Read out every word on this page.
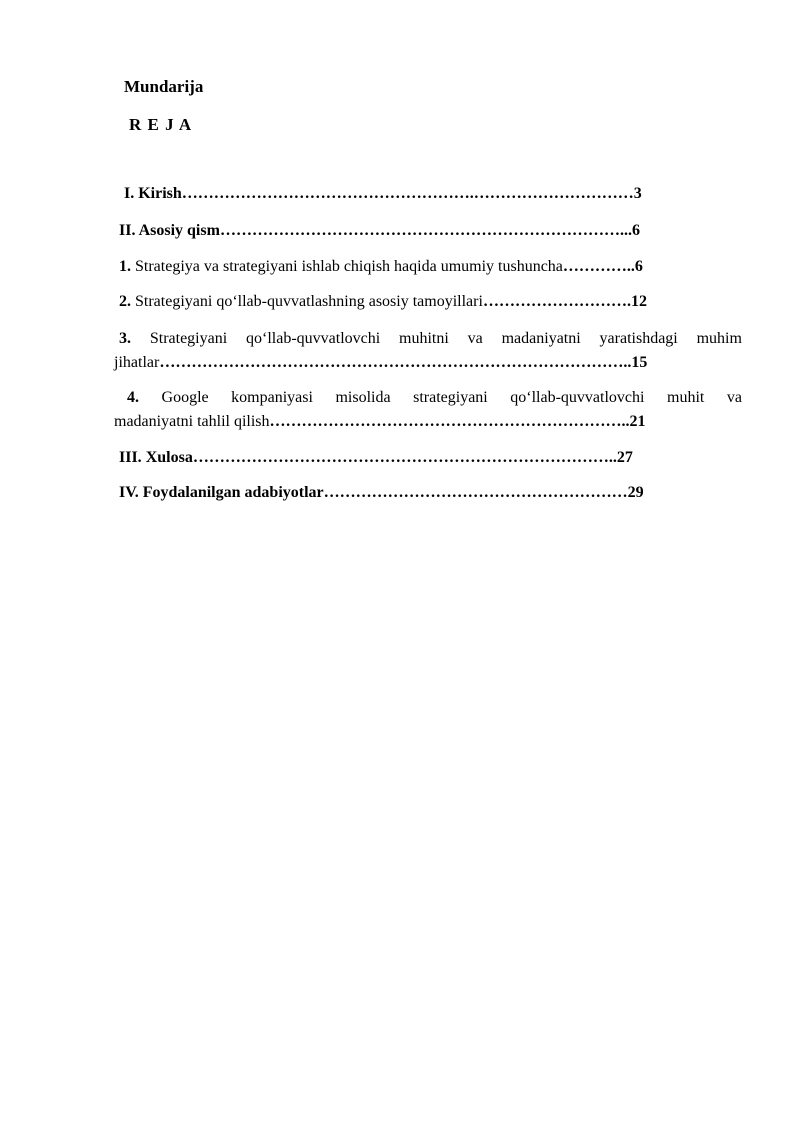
Mundarija
R E J A
I. Kirish……………………………………………….…………………………3
II. Asosiy qism…………………………………………………………………...6
1. Strategiya va strategiyani ishlab chiqish haqida umumiy tushuncha…………..6
2. Strategiyani qo‘llab-quvvatlashning asosiy tamoyillari……………………….12
3. Strategiyani qo‘llab-quvvatlovchi muhitni va madaniyatni yaratishdagi muhim
jihatlar……………………………………………………………………………..15
4. Google kompaniyasi misolida strategiyani qo‘llab-quvvatlovchi muhit va
madaniyatni tahlil qilish…………………………………………………………..21
III. Xulosa……………………………………………………………………..27
IV. Foydalanilgan adabiyotlar…………………………………………………29
